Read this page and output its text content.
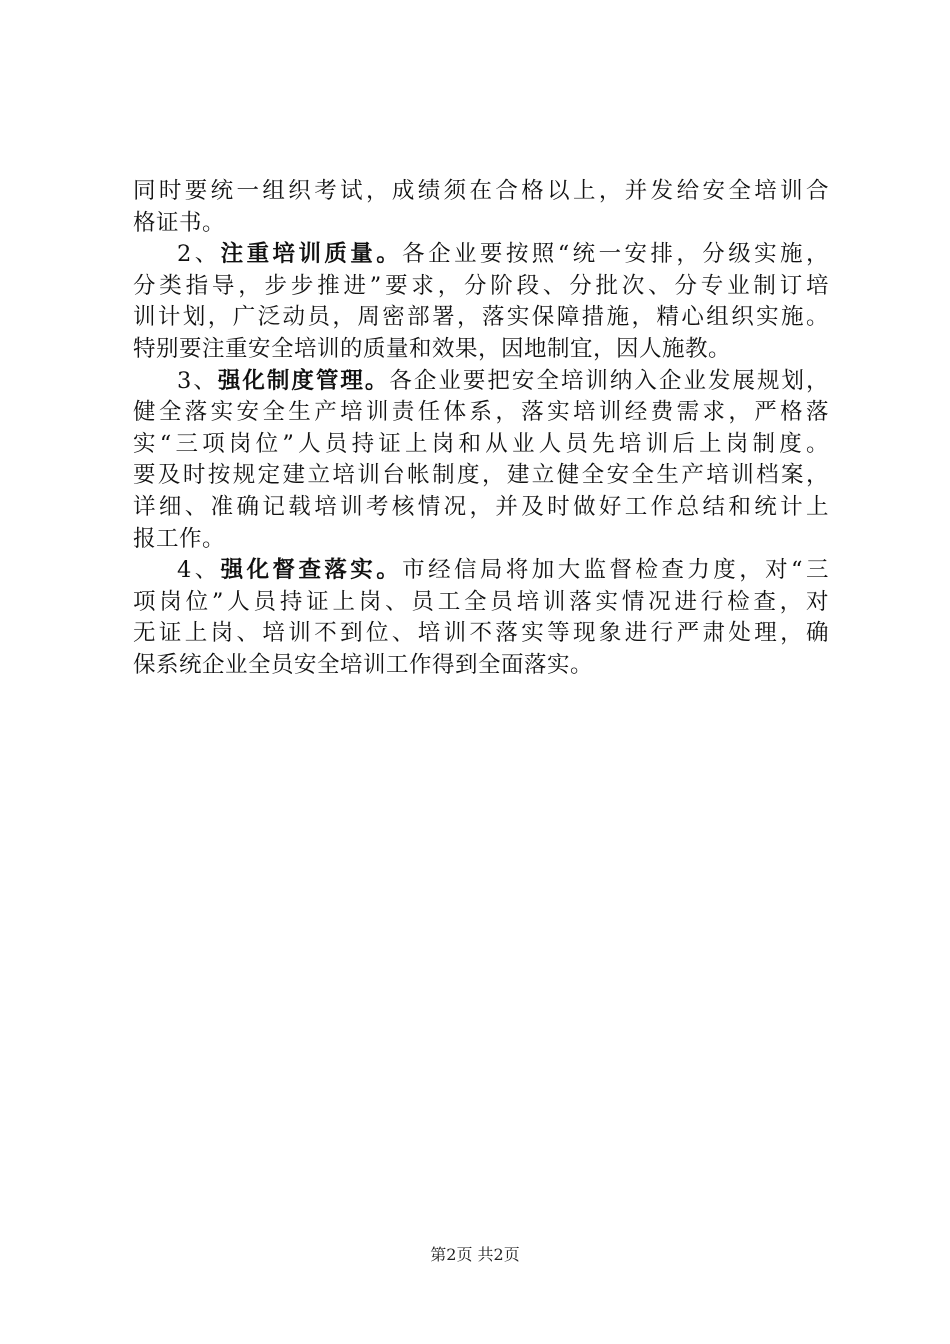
同时要统一组织考试，成绩须在合格以上，并发给安全培训合
格证书。
2、注重培训质量。各企业要按照“统一安排，分级实施，
分类指导，步步推进”要求，分阶段、分批次、分专业制订培
训计划，广泛动员，周密部署，落实保障措施，精心组织实施。
特别要注重安全培训的质量和效果，因地制宜，因人施教。
3、强化制度管理。各企业要把安全培训纳入企业发展规划，
健全落实安全生产培训责任体系，落实培训经费需求，严格落
实“三项岗位”人员持证上岗和从业人员先培训后上岗制度。
要及时按规定建立培训台帐制度，建立健全安全生产培训档案，
详细、准确记载培训考核情况，并及时做好工作总结和统计上
报工作。
4、强化督查落实。市经信局将加大监督检查力度，对“三
项岗位”人员持证上岗、员工全员培训落实情况进行检查，对
无证上岗、培训不到位、培训不落实等现象进行严肃处理，确
保系统企业全员安全培训工作得到全面落实。
第2页 共2页
